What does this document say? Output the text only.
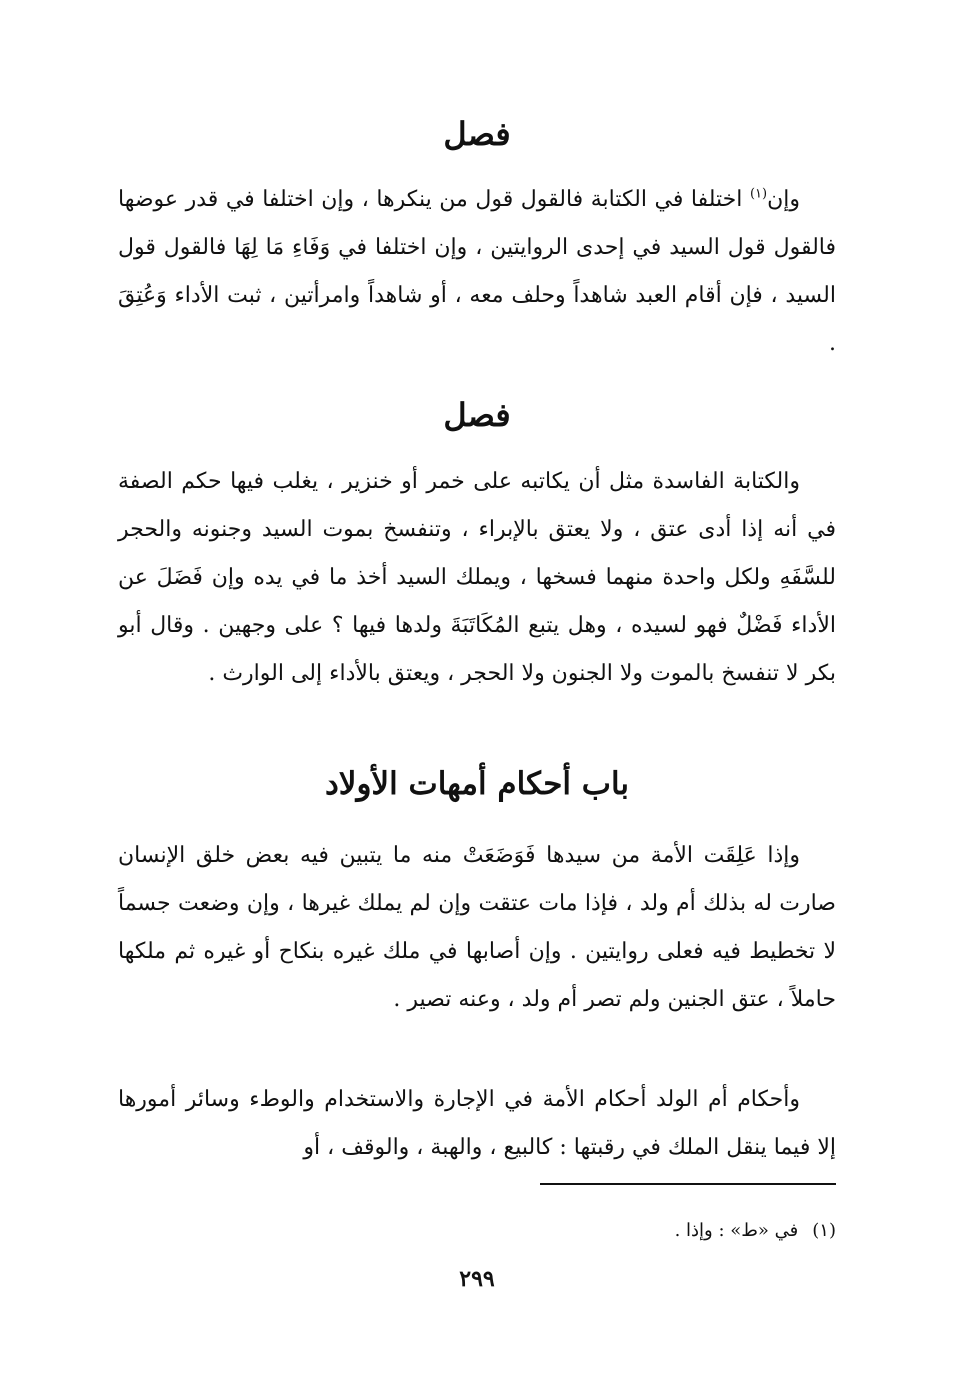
فصل

وإن$^{(١)}$ اختلفا في الكتابة فالقول قول من ينكرها ، وإن اختلفا في قدر عوضها فالقول قول السيد في إحدى الروايتين ، وإن اختلفا في وَفَاءِ مَا لِهَا فالقول قول السيد ، فإن أقام العبد شاهداً وحلف معه ، أو شاهداً وامرأتين ، ثبت الأداء وَعُتِقَ .

فصل

والكتابة الفاسدة مثل أن يكاتبه على خمر أو خنزير ، يغلب فيها حكم الصفة في أنه إذا أدى عتق ، ولا يعتق بالإبراء ، وتنفسخ بموت السيد وجنونه والحجر للسَّفَهِ ولكل واحدة منهما فسخها ، ويملك السيد أخذ ما في يده وإن فَضَلَ عن الأداء فَضْلٌ فهو لسيده ، وهل يتبع المُكَاتَبَةَ ولدها فيها ؟ على وجهين . وقال أبو بكر لا تنفسخ بالموت ولا الجنون ولا الحجر ، ويعتق بالأداء إلى الوارث .

باب أحكام أمهات الأولاد

وإذا عَلِقَت الأمة من سيدها فَوَضَعَتْ منه ما يتبين فيه بعض خلق الإنسان صارت له بذلك أم ولد ، فإذا مات عتقت وإن لم يملك غيرها ، وإن وضعت جسماً لا تخطيط فيه فعلى روايتين . وإن أصابها في ملك غيره بنكاح أو غيره ثم ملكها حاملاً ، عتق الجنين ولم تصر أم ولد ، وعنه تصير .

وأحكام أم الولد أحكام الأمة في الإجارة والاستخدام والوطء وسائر أمورها إلا فيما ينقل الملك في رقبتها : كالبيع ، والهبة ، والوقف ، أو

(١)في «ط» : وإذا .

٢٩٩
